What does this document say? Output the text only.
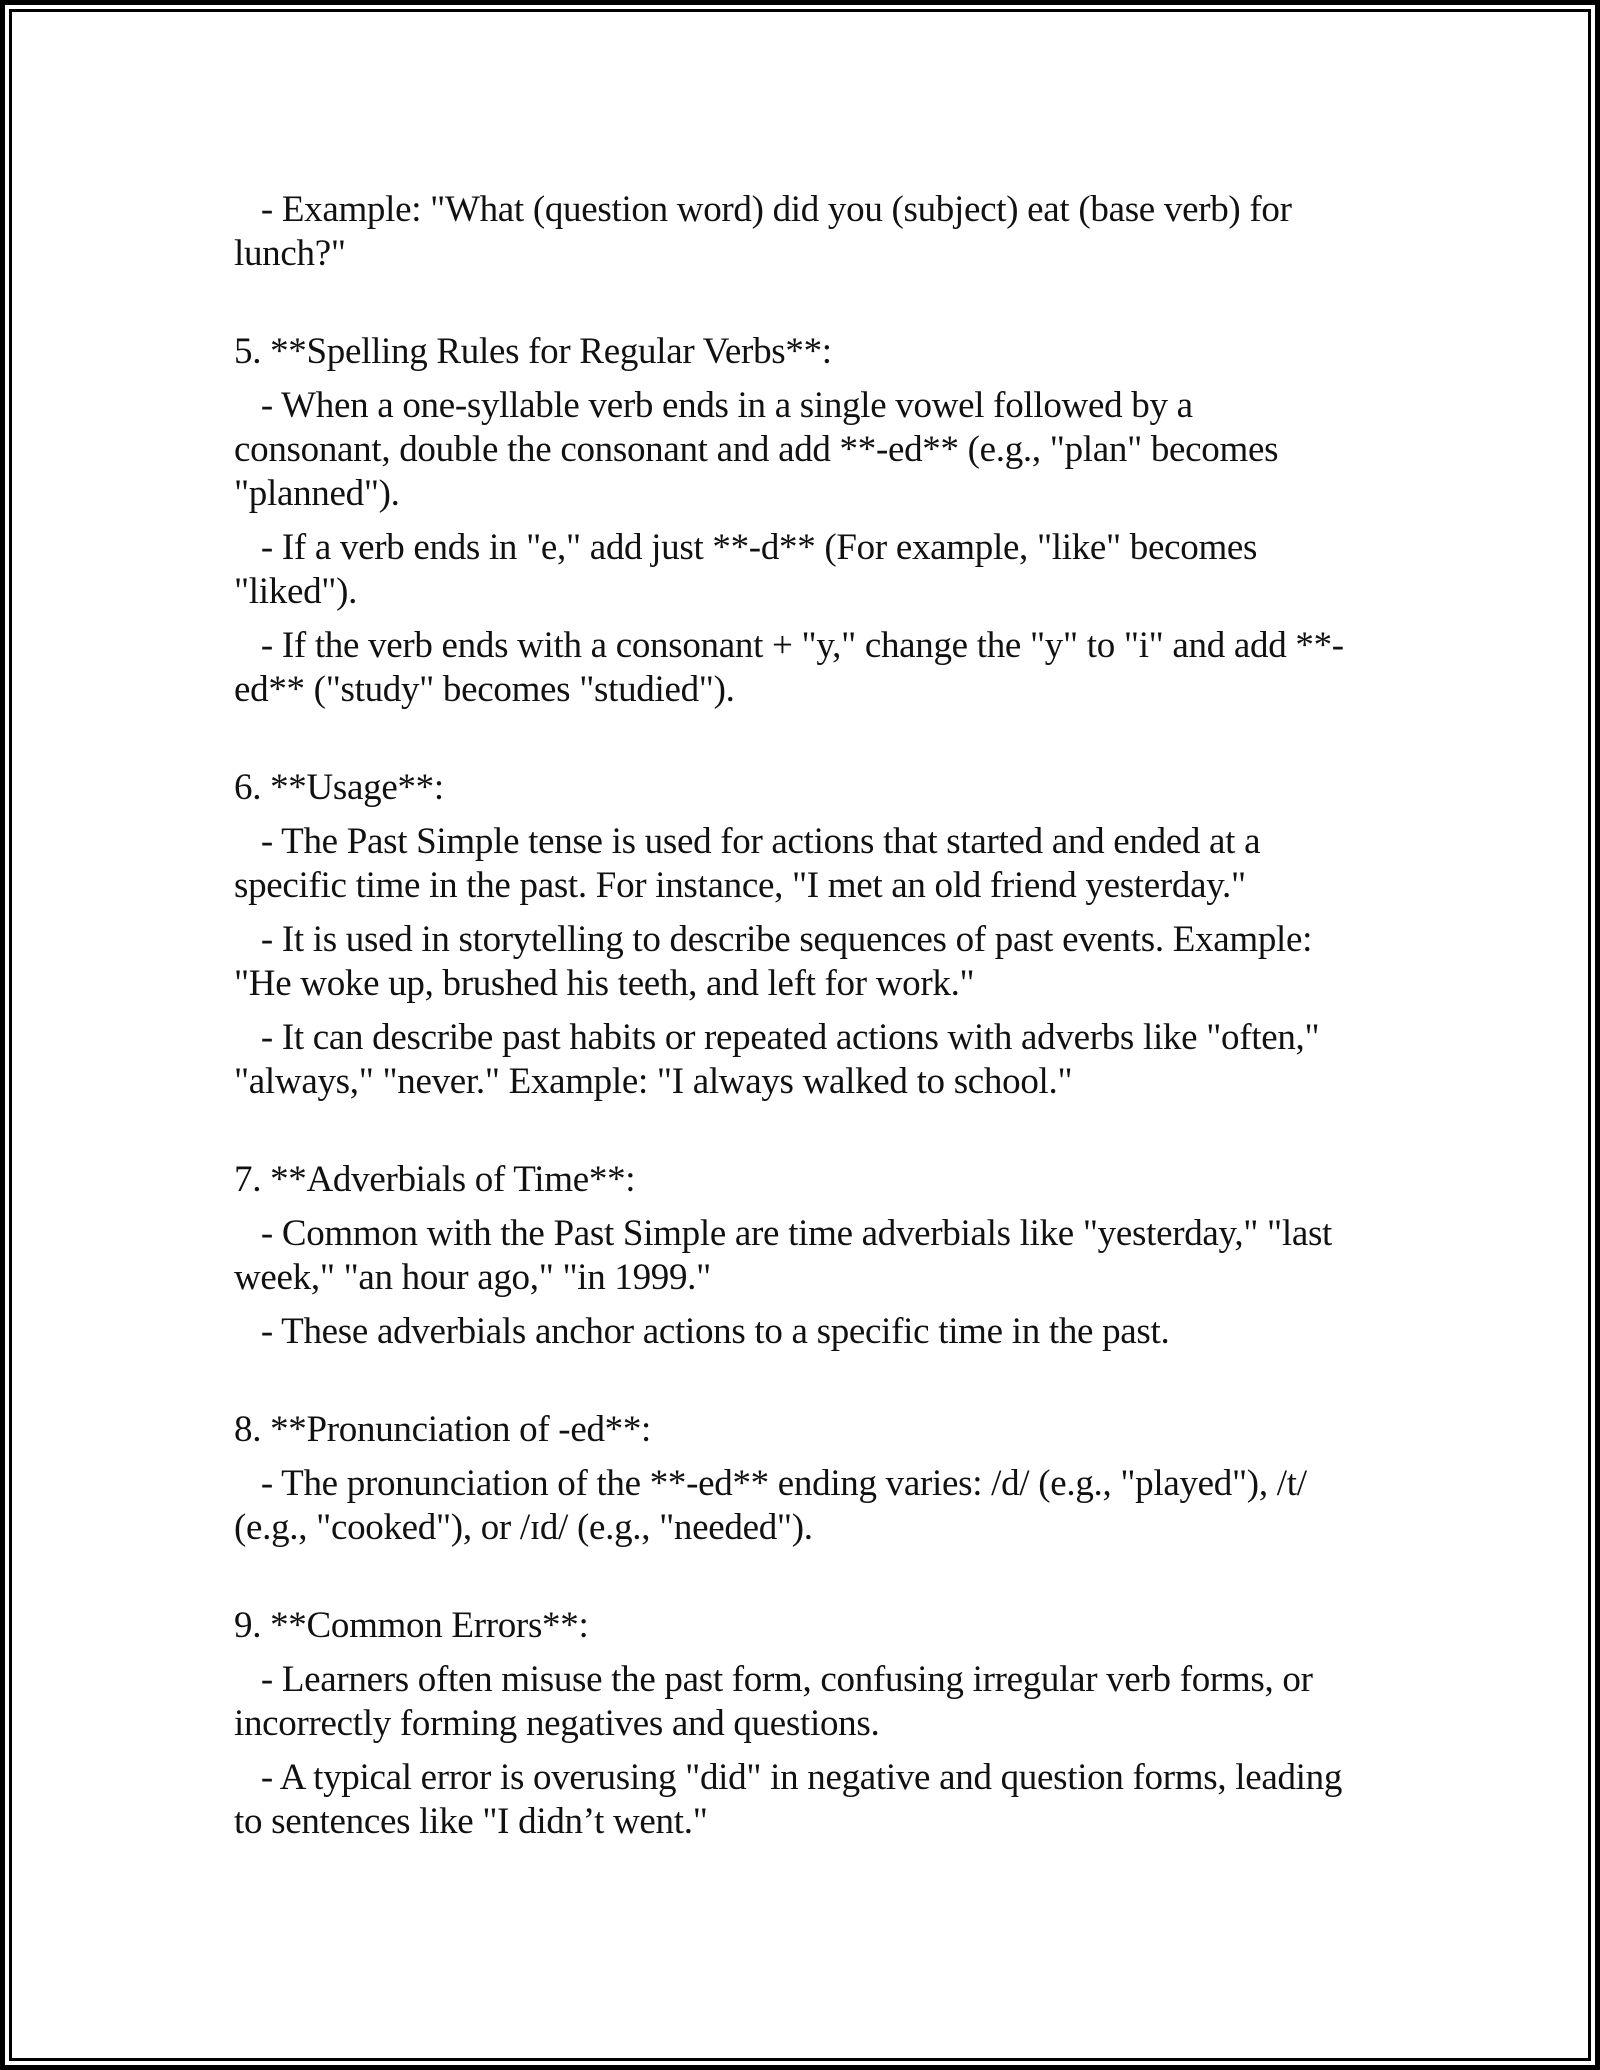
- Example: "What (question word) did you (subject) eat (base verb) for
lunch?"

5. **Spelling Rules for Regular Verbs**:

- When a one-syllable verb ends in a single vowel followed by a
consonant, double the consonant and add **-ed** (e.g., "plan" becomes
"planned").

- If a verb ends in "e," add just **-d** (For example, "like" becomes
"liked").

- If the verb ends with a consonant + "y," change the "y" to "i" and add **-
ed** ("study" becomes "studied").

6. **Usage**:

- The Past Simple tense is used for actions that started and ended at a
specific time in the past. For instance, "I met an old friend yesterday."

- It is used in storytelling to describe sequences of past events. Example:
"He woke up, brushed his teeth, and left for work."

- It can describe past habits or repeated actions with adverbs like "often,"
"always," "never." Example: "I always walked to school."

7. **Adverbials of Time**:

- Common with the Past Simple are time adverbials like "yesterday," "last
week," "an hour ago," "in 1999."

- These adverbials anchor actions to a specific time in the past.

8. **Pronunciation of -ed**:

- The pronunciation of the **-ed** ending varies: /d/ (e.g., "played"), /t/
(e.g., "cooked"), or /ɪd/ (e.g., "needed").

9. **Common Errors**:

- Learners often misuse the past form, confusing irregular verb forms, or
incorrectly forming negatives and questions.

- A typical error is overusing "did" in negative and question forms, leading
to sentences like "I didn’t went."
